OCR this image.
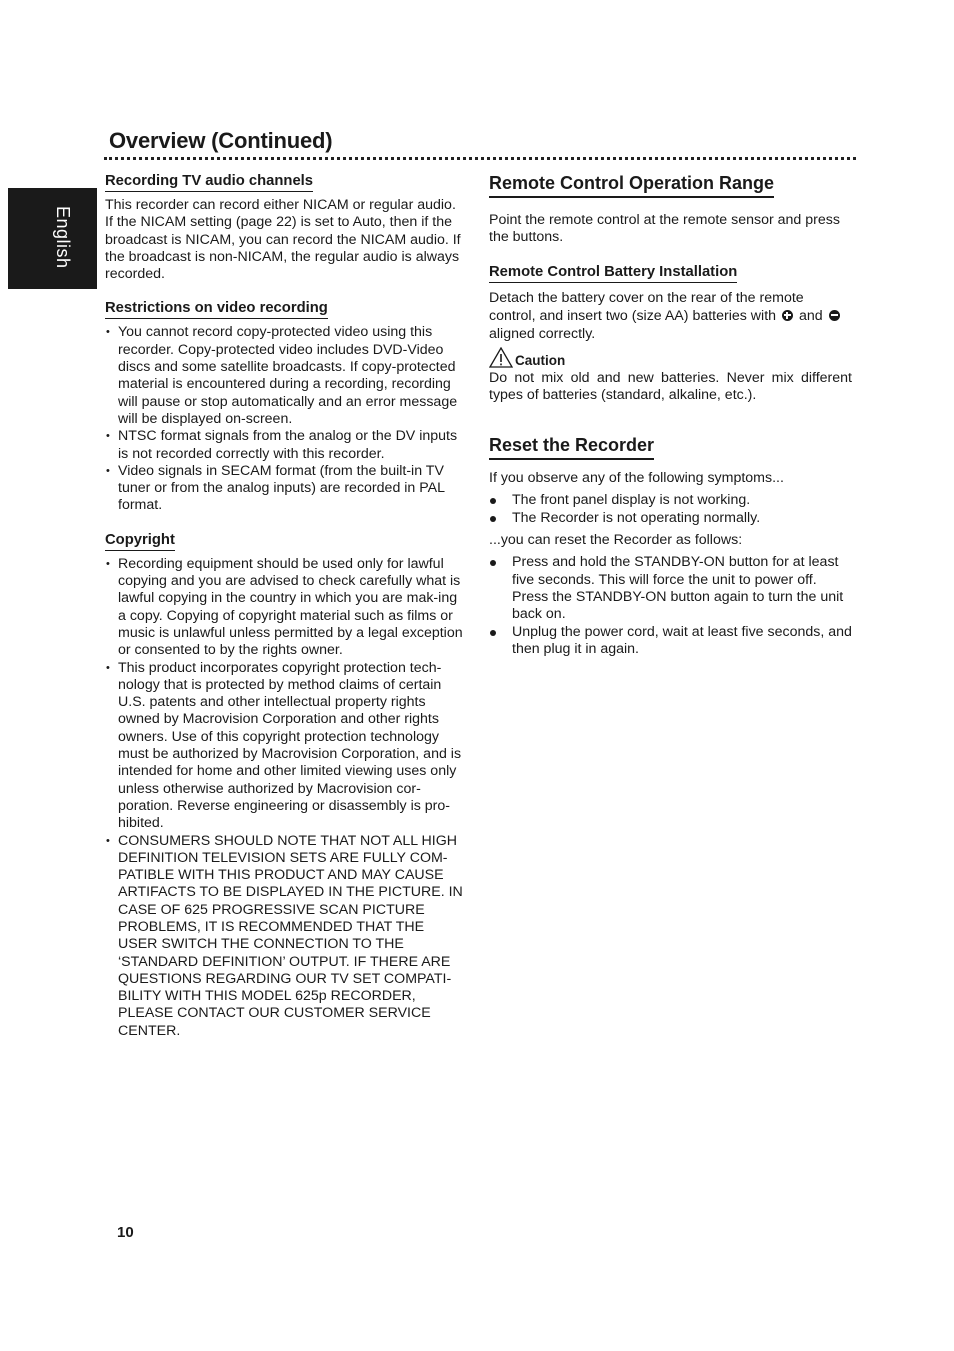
Overview (Continued)
English
Recording TV audio channels

This recorder can record either NICAM or regular audio. If the NICAM setting (page 22) is set to Auto, then if the broadcast is NICAM, you can record the NICAM audio. If the broadcast is non-NICAM, the regular audio is always recorded.

Restrictions on video recording
• You cannot record copy-protected video using this recorder. Copy-protected video includes DVD-Video discs and some satellite broadcasts. If copy-protected material is encountered during a recording, recording will pause or stop automatically and an error message will be displayed on-screen.
• NTSC format signals from the analog or the DV inputs is not recorded correctly with this recorder.
• Video signals in SECAM format (from the built-in TV tuner or from the analog inputs) are recorded in PAL format.
Copyright
• Recording equipment should be used only for lawful copying and you are advised to check carefully what is lawful copying in the country in which you are mak-ing a copy. Copying of copyright material such as films or music is unlawful unless permitted by a legal exception or consented to by the rights owner.
• This product incorporates copyright protection tech-nology that is protected by method claims of certain U.S. patents and other intellectual property rights owned by Macrovision Corporation and other rights owners. Use of this copyright protection technology must be authorized by Macrovision Corporation, and is intended for home and other limited viewing uses only unless otherwise authorized by Macrovision cor-poration. Reverse engineering or disassembly is pro-hibited.
• CONSUMERS SHOULD NOTE THAT NOT ALL HIGH DEFINITION TELEVISION SETS ARE FULLY COM-PATIBLE WITH THIS PRODUCT AND MAY CAUSE ARTIFACTS TO BE DISPLAYED IN THE PICTURE. IN CASE OF 625 PROGRESSIVE SCAN PICTURE PROBLEMS, IT IS RECOMMENDED THAT THE USER SWITCH THE CONNECTION TO THE ‘STANDARD DEFINITION’ OUTPUT. IF THERE ARE QUESTIONS REGARDING OUR TV SET COMPATI-BILITY WITH THIS MODEL 625p RECORDER, PLEASE CONTACT OUR CUSTOMER SERVICE CENTER.
Remote Control Operation Range

Point the remote control at the remote sensor and press the buttons.

Remote Control Battery Installation

Detach the battery cover on the rear of the remote control, and insert two (size AA) batteries with and  aligned correctly.

Caution

Do not mix old and new batteries. Never mix different types of batteries (standard, alkaline, etc.).

Reset the Recorder

If you observe any of the following symptoms...

The front panel display is not working.
The Recorder is not operating normally.

...you can reset the Recorder as follows:

Press and hold the STANDBY-ON button for at least five seconds. This will force the unit to power off. Press the STANDBY-ON button again to turn the unit back on.
Unplug the power cord, wait at least five seconds, and then plug it in again.
10
